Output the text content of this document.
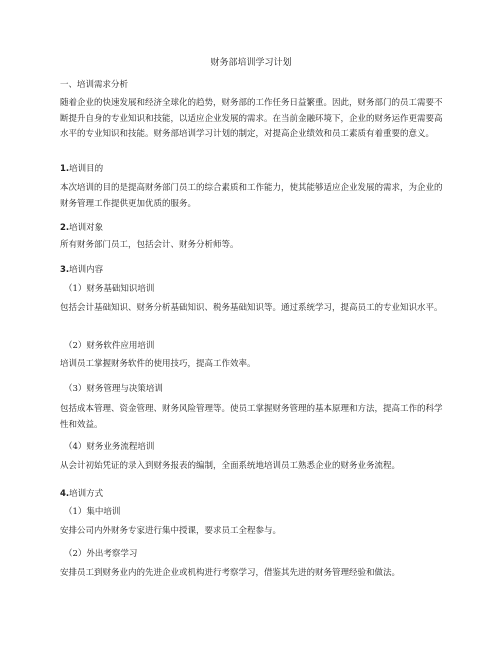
财务部培训学习计划
一、培训需求分析
随着企业的快速发展和经济全球化的趋势，财务部的工作任务日益繁重。因此，财务部门的员工需要不断提升自身的专业知识和技能，以适应企业发展的需求。在当前金融环境下，企业的财务运作更需要高水平的专业知识和技能。财务部培训学习计划的制定，对提高企业绩效和员工素质有着重要的意义。
1.培训目的
本次培训的目的是提高财务部门员工的综合素质和工作能力，使其能够适应企业发展的需求，为企业的财务管理工作提供更加优质的服务。
2.培训对象
所有财务部门员工，包括会计、财务分析师等。
3.培训内容
（1）财务基础知识培训
包括会计基础知识、财务分析基础知识、税务基础知识等。通过系统学习，提高员工的专业知识水平。
（2）财务软件应用培训
培训员工掌握财务软件的使用技巧，提高工作效率。
（3）财务管理与决策培训
包括成本管理、资金管理、财务风险管理等。使员工掌握财务管理的基本原理和方法，提高工作的科学性和效益。
（4）财务业务流程培训
从会计初始凭证的录入到财务报表的编制，全面系统地培训员工熟悉企业的财务业务流程。
4.培训方式
（1）集中培训
安排公司内外财务专家进行集中授课，要求员工全程参与。
（2）外出考察学习
安排员工到财务业内的先进企业或机构进行考察学习，借鉴其先进的财务管理经验和做法。
